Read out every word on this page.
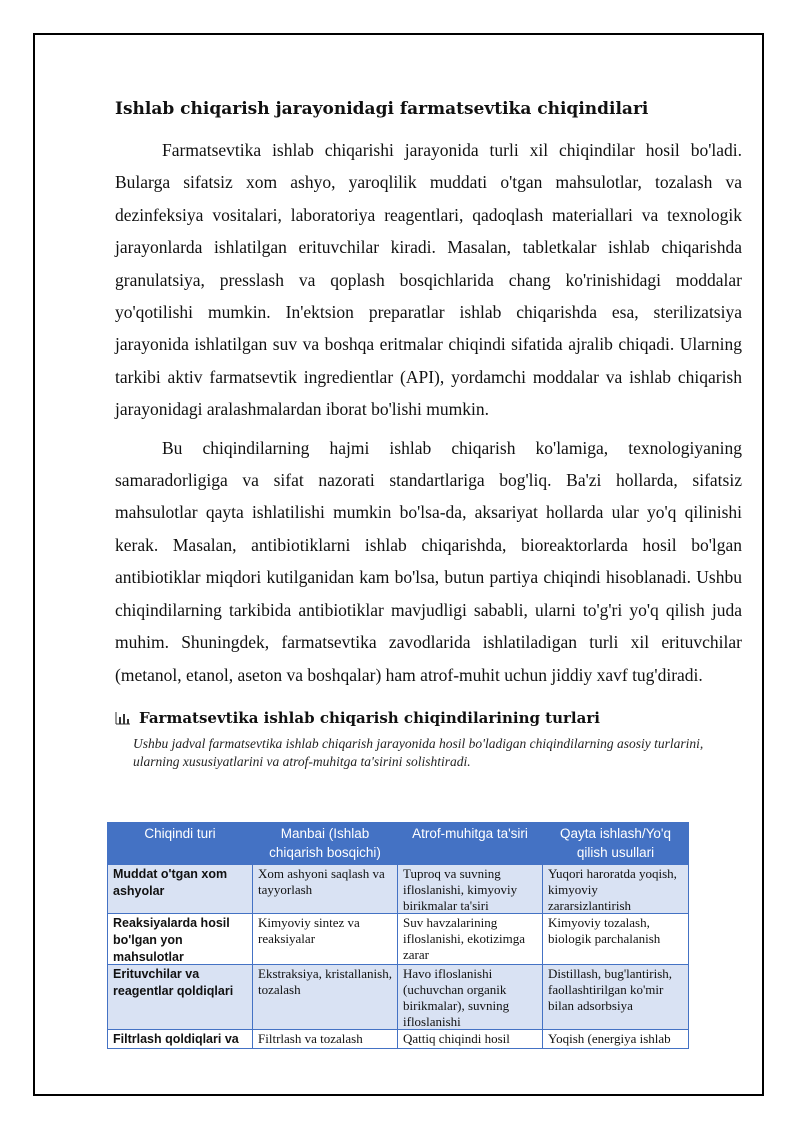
Ishlab chiqarish jarayonidagi farmatsevtika chiqindilari

Farmatsevtika ishlab chiqarishi jarayonida turli xil chiqindilar hosil bo'ladi. Bularga sifatsiz xom ashyo, yaroqlilik muddati o'tgan mahsulotlar, tozalash va dezinfeksiya vositalari, laboratoriya reagentlari, qadoqlash materiallari va texnologik jarayonlarda ishlatilgan erituvchilar kiradi. Masalan, tabletkalar ishlab chiqarishda granulatsiya, presslash va qoplash bosqichlarida chang ko'rinishidagi moddalar yo'qotilishi mumkin. In'ektsion preparatlar ishlab chiqarishda esa, sterilizatsiya jarayonida ishlatilgan suv va boshqa eritmalar chiqindi sifatida ajralib chiqadi. Ularning tarkibi aktiv farmatsevtik ingredientlar (API), yordamchi moddalar va ishlab chiqarish jarayonidagi aralashmalardan iborat bo'lishi mumkin.

Bu chiqindilarning hajmi ishlab chiqarish ko'lamiga, texnologiyaning samaradorligiga va sifat nazorati standartlariga bog'liq. Ba'zi hollarda, sifatsiz mahsulotlar qayta ishlatilishi mumkin bo'lsa-da, aksariyat hollarda ular yo'q qilinishi kerak. Masalan, antibiotiklarni ishlab chiqarishda, bioreaktorlarda hosil bo'lgan antibiotiklar miqdori kutilganidan kam bo'lsa, butun partiya chiqindi hisoblanadi. Ushbu chiqindilarning tarkibida antibiotiklar mavjudligi sababli, ularni to'g'ri yo'q qilish juda muhim. Shuningdek, farmatsevtika zavodlarida ishlatiladigan turli xil erituvchilar (metanol, etanol, aseton va boshqalar) ham atrof-muhit uchun jiddiy xavf tug'diradi.

Farmatsevtika ishlab chiqarish chiqindilarining turlari
Ushbu jadval farmatsevtika ishlab chiqarish jarayonida hosil bo'ladigan chiqindilarning asosiy turlarini, ularning xususiyatlarini va atrof-muhitga ta'sirini solishtiradi.
Chiqindi turi	Manbai (Ishlab chiqarish bosqichi)	Atrof-muhitga ta'siri	Qayta ishlash/Yo'q qilish usullari

Muddat o'tgan xom ashyolar	Xom ashyoni saqlash va tayyorlash	Tuproq va suvning ifloslanishi, kimyoviy birikmalar ta'siri	Yuqori haroratda yoqish, kimyoviy zararsizlantirish

Reaksiyalarda hosil bo'lgan yon mahsulotlar	Kimyoviy sintez va reaksiyalar	Suv havzalarining ifloslanishi, ekotizimga zarar	Kimyoviy tozalash, biologik parchalanish

Erituvchilar va reagentlar qoldiqlari	Ekstraksiya, kristallanish, tozalash	Havo ifloslanishi (uchuvchan organik birikmalar), suvning ifloslanishi	Distillash, bug'lantirish, faollashtirilgan ko'mir bilan adsorbsiya

Filtrlash qoldiqlari va	Filtrlash va tozalash	Qattiq chiqindi hosil	Yoqish (energiya ishlab
